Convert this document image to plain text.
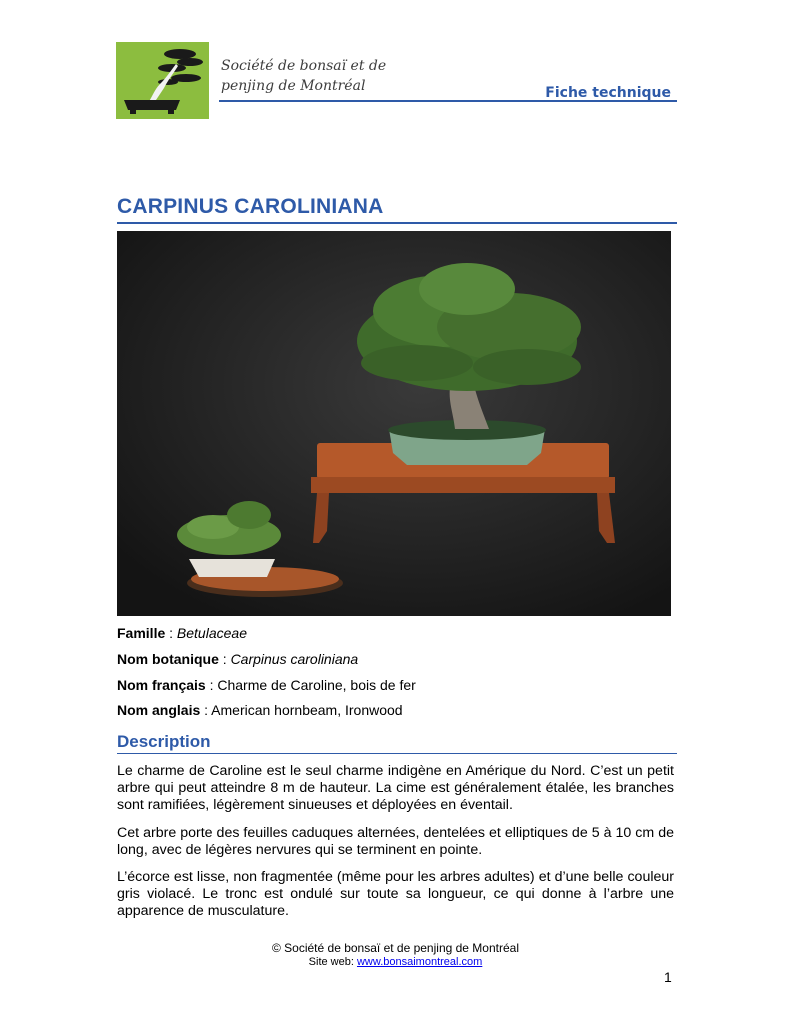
Société de bonsaï et de
penjing de Montréal	Fiche technique
CARPINUS CAROLINIANA
Famille : Betulaceae
Nom botanique : Carpinus caroliniana
Nom français : Charme de Caroline, bois de fer
Nom anglais : American hornbeam, Ironwood
Description
Le charme de Caroline est le seul charme indigène en Amérique du Nord. C’est un petit arbre qui peut atteindre 8 m de hauteur. La cime est généralement étalée, les branches sont ramifiées, légèrement sinueuses et déployées en éventail.
Cet arbre porte des feuilles caduques alternées, dentelées et elliptiques de 5 à 10 cm de long, avec de légères nervures qui se terminent en pointe.
L’écorce est lisse, non fragmentée (même pour les arbres adultes) et d’une belle couleur gris violacé. Le tronc est ondulé sur toute sa longueur, ce qui donne à l’arbre une apparence de musculature.
© Société de bonsaï et de penjing de Montréal
Site web: www.bonsaimontreal.com
1
